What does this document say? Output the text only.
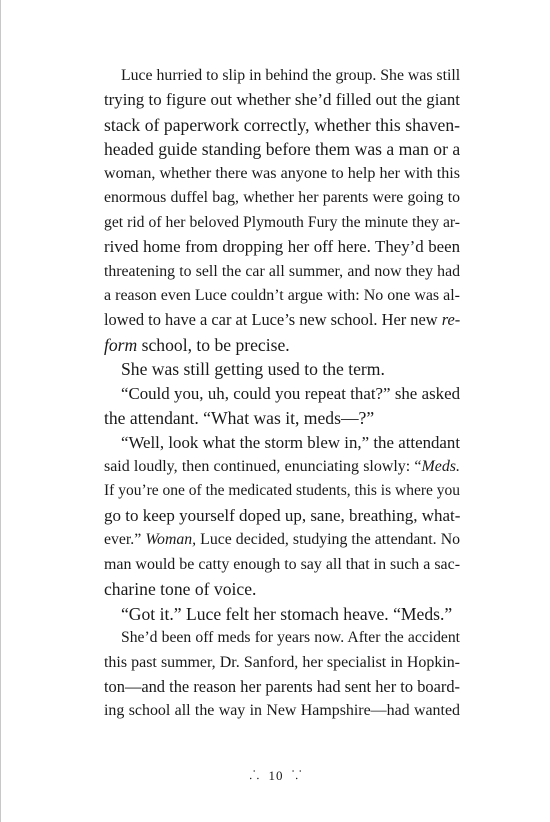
Luce hurried to slip in behind the group. She was still
trying to figure out whether she’d filled out the giant
stack of paperwork correctly, whether this shaven-
headed guide standing before them was a man or a
woman, whether there was anyone to help her with this
enormous duffel bag, whether her parents were going to
get rid of her beloved Plymouth Fury the minute they ar-
rived home from dropping her off here. They’d been
threatening to sell the car all summer, and now they had
a reason even Luce couldn’t argue with: No one was al-
lowed to have a car at Luce’s new school. Her new re-
form school, to be precise.
She was still getting used to the term.
“Could you, uh, could you repeat that?” she asked
the attendant. “What was it, meds—?”
“Well, look what the storm blew in,” the attendant
said loudly, then continued, enunciating slowly: “Meds.
If you’re one of the medicated students, this is where you
go to keep yourself doped up, sane, breathing, what-
ever.” Woman, Luce decided, studying the attendant. No
man would be catty enough to say all that in such a sac-
charine tone of voice.
“Got it.” Luce felt her stomach heave. “Meds.”
She’d been off meds for years now. After the accident
this past summer, Dr. Sanford, her specialist in Hopkin-
ton—and the reason her parents had sent her to board-
ing school all the way in New Hampshire—had wanted
⸫ 10 ⸪
